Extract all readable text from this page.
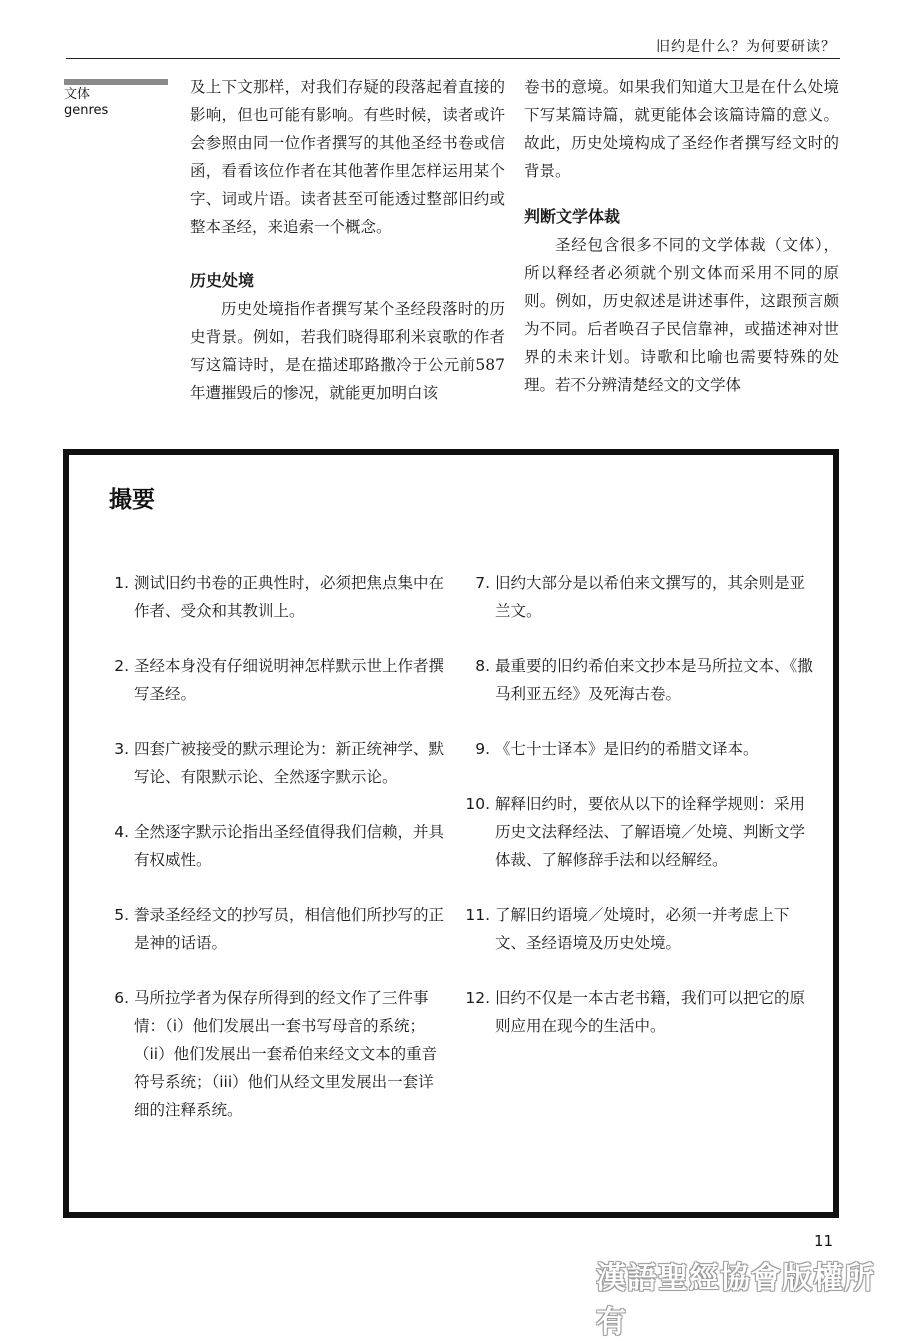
旧约是什么？为何要研读？
文体
genres

及上下文那样，对我们存疑的段落起着直接的影响，但也可能有影响。有些时候，读者或许会参照由同一位作者撰写的其他圣经书卷或信函，看看该位作者在其他著作里怎样运用某个字、词或片语。读者甚至可能透过整部旧约或整本圣经，来追索一个概念。

历史处境

历史处境指作者撰写某个圣经段落时的历史背景。例如，若我们晓得耶利米哀歌的作者写这篇诗时，是在描述耶路撒冷于公元前587年遭摧毁后的惨况，就能更加明白该

卷书的意境。如果我们知道大卫是在什么处境下写某篇诗篇，就更能体会该篇诗篇的意义。故此，历史处境构成了圣经作者撰写经文时的背景。

判断文学体裁

圣经包含很多不同的文学体裁（文体），所以释经者必须就个别文体而采用不同的原则。例如，历史叙述是讲述事件，这跟预言颇为不同。后者唤召子民信靠神，或描述神对世界的未来计划。诗歌和比喻也需要特殊的处理。若不分辨清楚经文的文学体

撮要
1. 测试旧约书卷的正典性时，必须把焦点集中在作者、受众和其教训上。
2. 圣经本身没有仔细说明神怎样默示世上作者撰写圣经。
3. 四套广被接受的默示理论为：新正统神学、默写论、有限默示论、全然逐字默示论。
4. 全然逐字默示论指出圣经值得我们信赖，并具有权威性。
5. 誊录圣经经文的抄写员，相信他们所抄写的正是神的话语。
6. 马所拉学者为保存所得到的经文作了三件事情：（i）他们发展出一套书写母音的系统；（ii）他们发展出一套希伯来经文文本的重音符号系统；（iii）他们从经文里发展出一套详细的注释系统。
7. 旧约大部分是以希伯来文撰写的，其余则是亚兰文。
8. 最重要的旧约希伯来文抄本是马所拉文本、《撒马利亚五经》及死海古卷。
9. 《七十士译本》是旧约的希腊文译本。
10. 解释旧约时，要依从以下的诠释学规则：采用历史文法释经法、了解语境／处境、判断文学体裁、了解修辞手法和以经解经。
11. 了解旧约语境／处境时，必须一并考虑上下文、圣经语境及历史处境。
12. 旧约不仅是一本古老书籍，我们可以把它的原则应用在现今的生活中。
11
漢語聖經協會版權所有
